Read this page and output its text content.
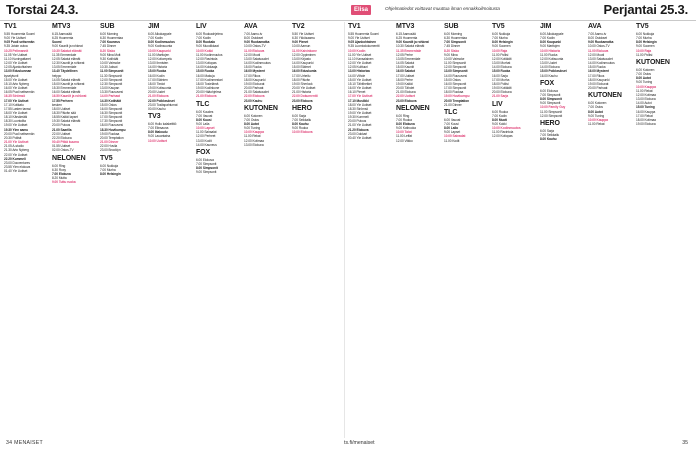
Torstai 24.3.	Elisa	Ohjelmatiedot voittavat muuttua ilman ennakkoilmoitusta	Perjantai 25.3.
TV1
5.55 Huomenta Suomi
9.00 Yle Uutiset
9.05 Puoli seitsemän
9.35 Jotain outoa
10.25 Pelimannit
11.05 Yle Uutiset
11.10 Kuningattaret
12.00 Yle Uutiset
12.05 Ajankohtainen
13.00 Eduskunnan
kyselytunti
15.00 Yle Uutiset
15.10 Arto Nyberg
16.00 Yle Uutiset
16.05 Puoli seitsemän
16.35 Strömsö
17.00 Yle Uutiset
17.10 Kotikatu
17.55 Lasten tanssi
18.00 Yle Uutiset
18.10 Kärsämäki
18.30 Luontoilta
19.00 Yle Uutiset
19.30 Ylen aamu
20.00 Puoli seitsemän
20.30 Poliisit
21.00 Yle Uutiset
21.05 A-studio
21.30 Arto Nyberg
22.00 Yle Uutiset
22.20 Kummeli
23.00 Docventures
23.55 Ylen elokuva
01.40 Yle Uutiset
MTV3
6.15 Aamusää
6.25 Huomenta
Suomi
9.00 Kauniit ja rohkeat
10.30 Salatut elämät
11.35 Emmerdale
12.05 Salatut elämät
12.30 Kauniit ja rohkeat
13.05 Emmerdale
13.40 Täydellinen
helppo
14.05 Salatut elämät
15.00 Kauniit ja rohkeat
15.30 Emmerdale
16.00 Salatut elämät
16.50 Kauniit ja rohkeat
17.55 Perheen
kesken
18.00 Uutiset
18.30 Päivän sää
18.55 Kaikki lapset
19.30 Salatut elämät
20.00 Putous
21.00 Saarilla
22.00 Uutiset
22.20 Elokuva
00.40 Pitkä kuuma
01.55 Uutiset
02.00 Ostos-TV
NELONEN
6.00 Ring
6.30 Roxy
7.00 Elokuva
8.20 Mutta
9.00 Tuttu ruoka
SUB
6.00 Morning
6.30 Huomentaa
7.00 Kauneus
7.45 Dinner
8.20 Sisko
9.00 Mina Mutt
9.30 Kotihäät
10.00 Vaimoke
10.30 Jaksot
11.00 Simpsonit
11.30 Simpsonit
12.00 Simpsonit
12.30 Simpsonit
13.00 Kaupan
13.30 Ruusuvesi
14.00 Parhaat
14.30 Kotihäät
15.00 Ostos
16.00 Simpsonit
16.30 Simpsonit
17.00 Simpsonit
17.30 Simpsonit
18.00 Ruusuvesi
18.30 Huvikumpu
19.00 Ruokaa
20.00 Temptation
21.00 Dinner
22.00 Huvila
23.00 Brooklyn
TV5
6.00 Nukkuja
7.00 Murha
8.00 Helsingin
JIM
6.00 Alkukappale
7.00 Kodin
8.00 Kodinmuutos
9.00 Kodinsuunta
10.00 Kaupunki
11.00 Marttojen
12.00 Kotiompelu
13.00 Ihmisten
14.00 Historia
15.00 Ruoka
16.00 Kodin
17.00 Eläinten
18.00 Tiedot
19.00 Kotisuunta
20.00 Uudet
21.00 Elokuva
22.00 Poikkeukset
23.00 Tositapahtumat
00.00 Kauhu
TV3
6.00 Hullu kalakeittiö
7.00 Elinsauna
8.00 Iltakoulu
9.00 Lauantaina
10.00 Uutiset
LIV
6.00 Ruokaohjelma
7.00 Kodin
8.00 Ruokala
9.00 Muodikkaat
10.00 Kokki
11.00 Kodinmuutos
12.00 Ravintola
13.00 Kotiopas
14.00 Kokkaaja
15.00 Ruoka
16.00 Makuja
17.00 Kodinmestari
18.00 Tosielämä
19.00 Kodinkone
20.00 Hääohjelma
21.00 Elokuva
TLC
6.00 Kuudes
7.00 Vauvat
8.00 Kuusi
9.00 Laila
10.00 Lapset
11.00 Sairaalat
12.00 Perheet
13.00 Kodit
14.00 Kauneus
FOX
6.00 Elokuva
7.00 Simpsonit
8.00 Simpsonit
9.00 Simpsonit
AVA
7.00 Aamu-tv
8.00 Ostokset
9.00 Ruokamatka
10.00 Ostos-TV
11.00 Elokuva
12.00 Muoti
13.00 Salaisuudet
14.00 Kodinmuutos
15.00 Ruoka
16.00 Mysteeri
17.00 Rikos
18.00 Kaupunki
19.00 Elokuvat
20.00 Parhaat
21.00 Salaisuudet
22.00 Elokuva
23.00 Kauhu
KUTONEN
6.00 Kutonen
7.00 Ostos
8.00 Autot
9.00 Tuning
10.00 Kauppa
11.00 Rekat
12.00 Kotimaa
13.00 Elokuva
TV2
5.50 Yle Uutiset
6.30 Ykkösaamu
9.00 Pienet
10.00 Aamun
11.00 Kaivinkone
12.00 Oppiminen
13.00 Kirjasto
14.00 Kaupunki
15.00 Eläimet
16.00 Eduskunta
17.00 Urheilu
18.00 Päivän
19.00 Sherlock
20.00 Yle Uutiset
21.00 Historia
22.00 Dokumentti
23.00 Elokuva
HERO
6.00 Sarja
7.00 Seikkailu
8.00 Kauhu
9.00 Ruoka
10.00 Elokuva
TV1
5.55 Huomenta Suomi
9.00 Yle Uutiset
9.05 Ajankohtainen
9.35 Luontodokumentti
10.00 Kodin
11.00 Yle Uutiset
11.10 Kansalainen
12.00 Yle Uutiset
12.05 Kulttuuri
13.00 Historiaa
14.00 Viihde
15.00 Yle Uutiset
15.10 Tähtihetket
16.00 Yle Uutiset
16.10 Pienet
17.00 Yle Uutiset
17.10 Musiikki
18.00 Yle Uutiset
18.30 Strömsö
19.00 Yle Uutiset
19.30 Kummeli
20.00 Putous
21.00 Yle Uutiset
21.20 Elokuva
23.00 Dokkari
00.40 Yle Uutiset
MTV3
6.15 Aamusää
6.25 Huomenta
9.00 Kauniit ja rohkeat
10.30 Salatut elämät
11.35 Emmerdale
12.05 Perhe
13.05 Emmerdale
14.05 Salatut
15.00 Kauniit
16.00 Salatut
17.00 Uutiset
18.00 Perhe
19.00 Kaikki
20.00 Tähdet
21.00 Elokuva
22.00 Uutiset
23.00 Elokuva
NELONEN
6.00 Ring
7.00 Ruoka
8.00 Elokuva
9.00 Kotiruoka
10.00 Talot
11.00 Leffat
12.00 Viikko
SUB
6.00 Morning
6.30 Huomentaa
7.00 Simpsonit
7.45 Dinner
8.20 Sisko
9.00 Mina
10.00 Vaimoke
11.00 Simpsonit
12.00 Simpsonit
13.00 Simpsonit
14.00 Ruusuvesi
15.00 Ostos
16.00 Simpsonit
17.00 Simpsonit
18.00 Ruokaa
19.00 Huvikumpu
20.00 Temptation
21.00 Dinner
TLC
6.00 Vauvat
7.00 Kuusi
8.00 Laila
9.00 Lapset
10.00 Sairaalat
11.00 Kodit
TV5
6.00 Nukkuja
7.00 Murha
8.00 Helsingin
9.00 Suomen
10.00 Raja
11.00 Poliisi
12.00 Kotiäidit
13.00 Murhat
14.00 Elokuva
15.00 Ruoka
16.00 Sarja
17.00 Murha
18.00 Poliisi
19.00 Kotiäidit
20.00 Elokuva
21.00 Sarja
LIV
6.00 Ruoka
7.00 Kodin
8.00 Muoti
9.00 Kokki
10.00 Kodinmuutos
11.00 Ravintola
12.00 Kotiopas
JIM
6.00 Alkukappale
7.00 Kodin
8.00 Kaupunki
9.00 Marttojen
10.00 Historia
11.00 Ruoka
12.00 Kotisuunta
13.00 Uudet
14.00 Elokuva
15.00 Poikkeukset
16.00 Kauhu
FOX
6.00 Elokuva
7.00 Simpsonit
8.00 Simpsonit
9.00 Simpsonit
10.00 Family Guy
11.00 Simpsonit
12.00 Simpsonit
HERO
6.00 Sarja
7.00 Seikkailu
8.00 Kauhu
AVA
7.00 Aamu-tv
8.00 Ostokset
9.00 Ruokamatka
10.00 Ostos-TV
11.00 Elokuva
12.00 Muoti
13.00 Salaisuudet
14.00 Kodinmuutos
15.00 Ruoka
16.00 Mysteeri
17.00 Rikos
18.00 Kaupunki
19.00 Elokuvat
20.00 Parhaat
KUTONEN
6.00 Kutonen
7.00 Ostos
8.00 Autot
9.00 Tuning
10.00 Kauppa
11.00 Rekat
TV5
6.00 Nukkuja
7.00 Murha
8.00 Helsingin
9.00 Suomen
10.00 Raja
11.00 Poliisi
KUTONEN
6.00 Kutonen
7.00 Ostos
8.00 Autot
9.00 Tuning
10.00 Kauppa
11.00 Rekat
12.00 Kotimaa
13.00 Elokuva
14.00 Autot
15.00 Tuning
16.00 Kauppa
17.00 Rekat
18.00 Kotimaa
19.00 Elokuva
34 MENAISET	ts.fi/menaiset	35
